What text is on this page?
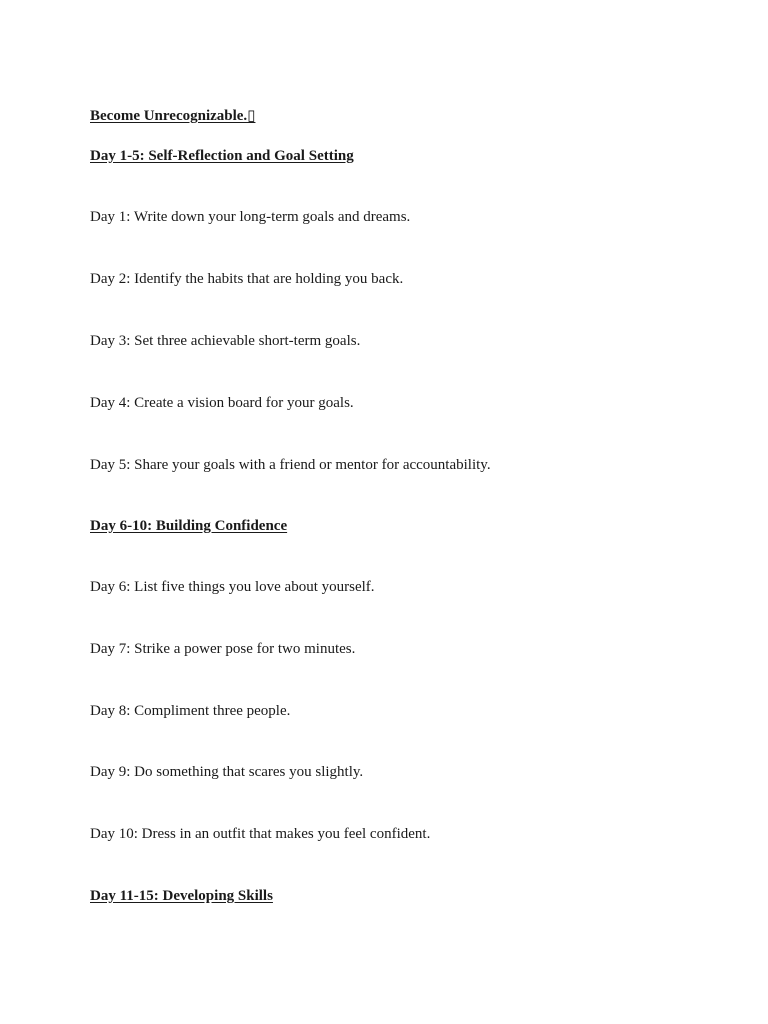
Become Unrecognizable.▯
Day 1-5: Self-Reflection and Goal Setting
Day 1: Write down your long-term goals and dreams.
Day 2: Identify the habits that are holding you back.
Day 3: Set three achievable short-term goals.
Day 4: Create a vision board for your goals.
Day 5: Share your goals with a friend or mentor for accountability.
Day 6-10: Building Confidence
Day 6: List five things you love about yourself.
Day 7: Strike a power pose for two minutes.
Day 8: Compliment three people.
Day 9: Do something that scares you slightly.
Day 10: Dress in an outfit that makes you feel confident.
Day 11-15: Developing Skills
